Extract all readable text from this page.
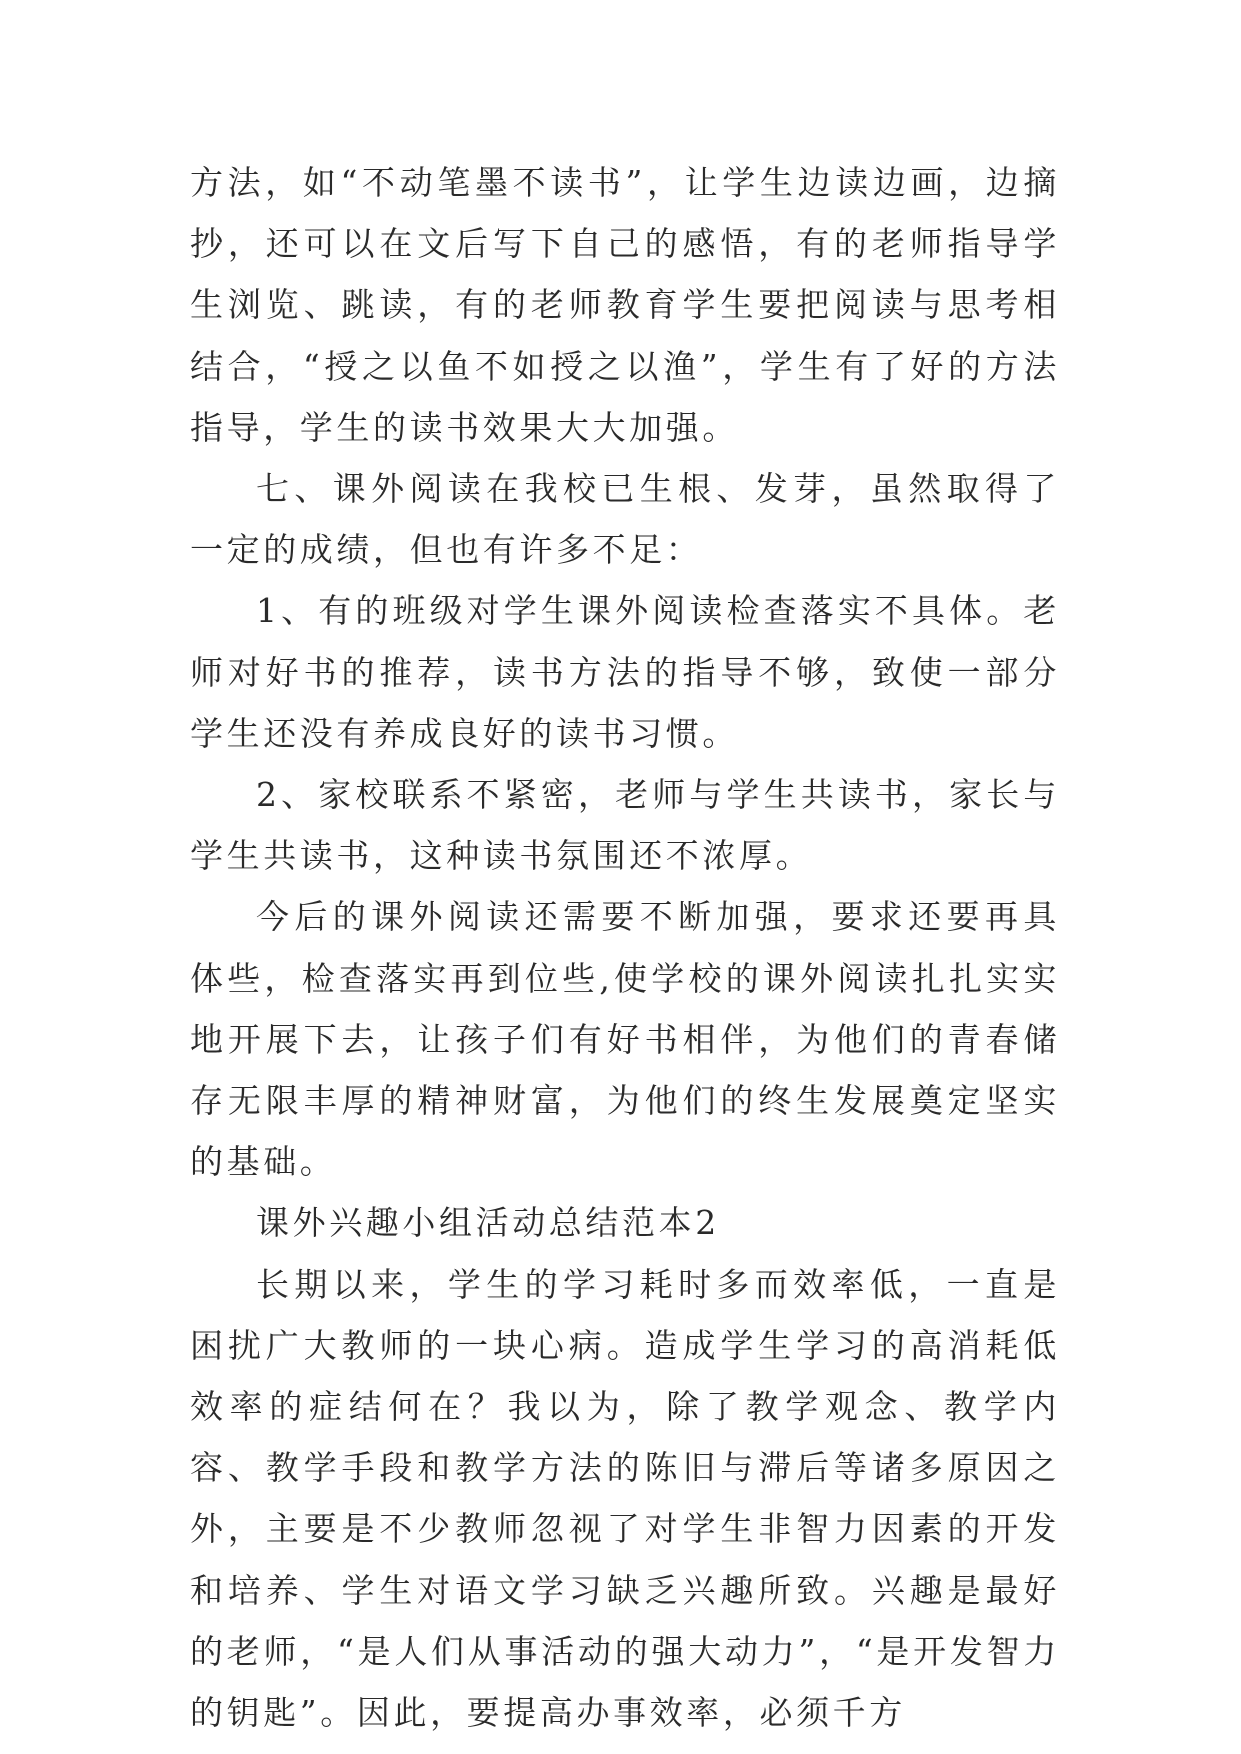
方法，如“不动笔墨不读书”，让学生边读边画，边摘抄，还可以在文后写下自己的感悟，有的老师指导学生浏览、跳读，有的老师教育学生要把阅读与思考相结合，“授之以鱼不如授之以渔”，学生有了好的方法指导，学生的读书效果大大加强。

七、课外阅读在我校已生根、发芽，虽然取得了一定的成绩，但也有许多不足：

1、有的班级对学生课外阅读检查落实不具体。老师对好书的推荐，读书方法的指导不够，致使一部分学生还没有养成良好的读书习惯。

2、家校联系不紧密，老师与学生共读书，家长与学生共读书，这种读书氛围还不浓厚。

今后的课外阅读还需要不断加强，要求还要再具体些，检查落实再到位些,使学校的课外阅读扎扎实实地开展下去，让孩子们有好书相伴，为他们的青春储存无限丰厚的精神财富，为他们的终生发展奠定坚实的基础。

课外兴趣小组活动总结范本2

长期以来，学生的学习耗时多而效率低，一直是困扰广大教师的一块心病。造成学生学习的高消耗低效率的症结何在？我以为，除了教学观念、教学内容、教学手段和教学方法的陈旧与滞后等诸多原因之外，主要是不少教师忽视了对学生非智力因素的开发和培养、学生对语文学习缺乏兴趣所致。兴趣是最好的老师，“是人们从事活动的强大动力”，“是开发智力的钥匙”。因此，要提高办事效率，必须千方
